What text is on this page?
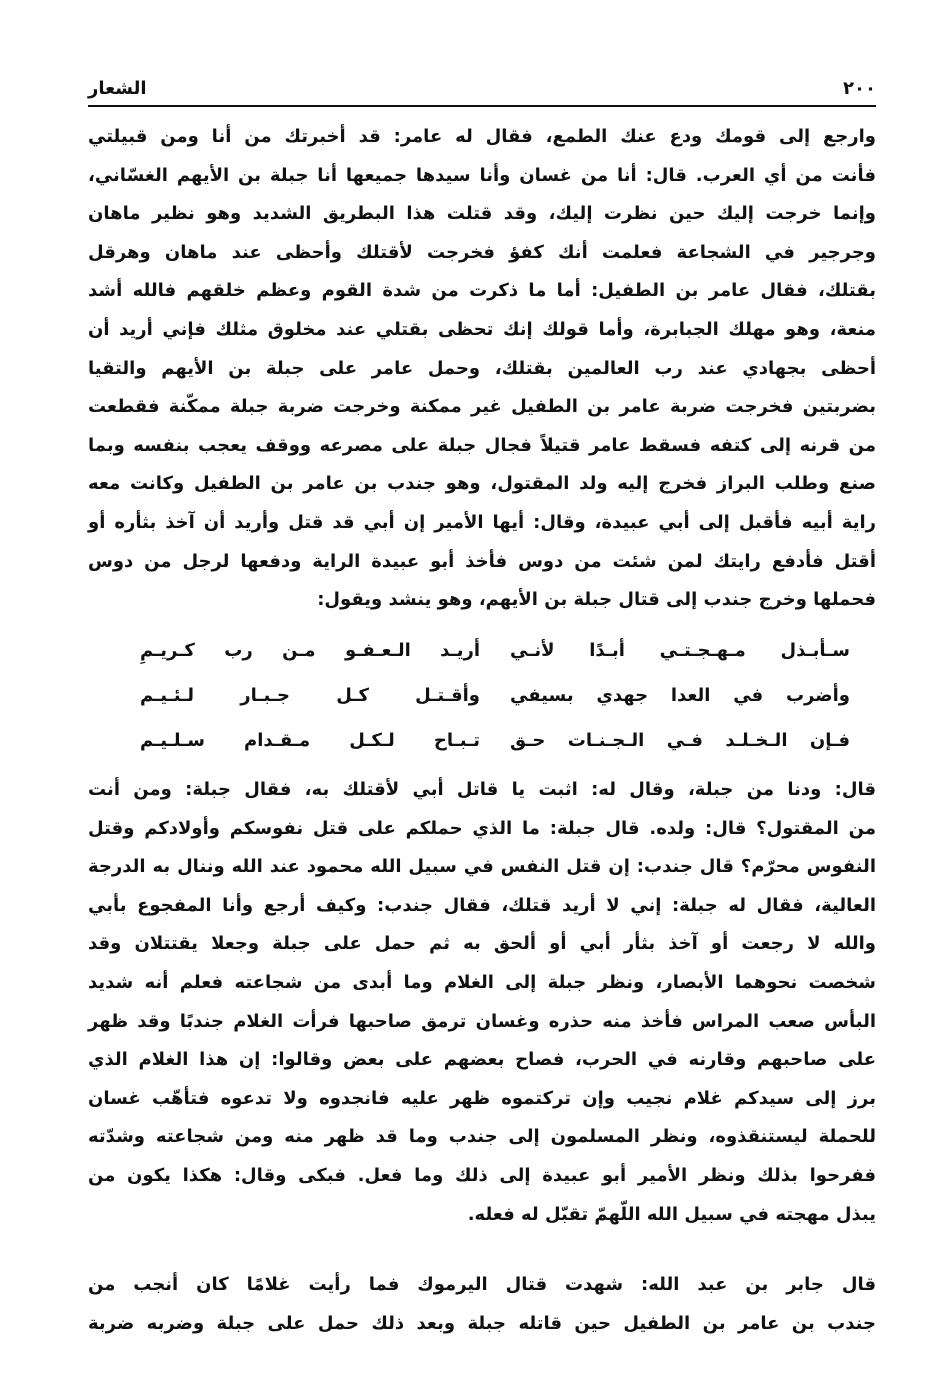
٢٠٠
الشعار
وارجع إلى قومك ودع عنك الطمع، فقال له عامر: قد أخبرتك من أنا ومن قبيلتي
فأنت من أي العرب. قال: أنا من غسان وأنا سيدها جميعها أنا جبلة بن الأيهم الغسّاني،
وإنما خرجت إليك حين نظرت إليك، وقد قتلت هذا البطريق الشديد وهو نظير ماهان
وجرجير في الشجاعة فعلمت أنك كفؤ فخرجت لأقتلك وأحظى عند ماهان وهرقل
بقتلك، فقال عامر بن الطفيل: أما ما ذكرت من شدة القوم وعظم خلقهم فالله أشد
منعة، وهو مهلك الجبابرة، وأما قولك إنك تحظى بقتلي عند مخلوق مثلك فإني أريد أن
أحظى بجهادي عند رب العالمين بقتلك، وحمل عامر على جبلة بن الأيهم والتقيا
بضربتين فخرجت ضربة عامر بن الطفيل غير ممكنة وخرجت ضربة جبلة ممكّنة فقطعت
من قرنه إلى كتفه فسقط عامر قتيلاً فجال جبلة على مصرعه ووقف يعجب بنفسه وبما
صنع وطلب البراز فخرج إليه ولد المقتول، وهو جندب بن عامر بن الطفيل وكانت معه
راية أبيه فأقبل إلى أبي عبيدة، وقال: أيها الأمير إن أبي قد قتل وأريد أن آخذ بثأره أو
أقتل فأدفع رايتك لمن شئت من دوس فأخذ أبو عبيدة الراية ودفعها لرجل من دوس
فحملها وخرج جندب إلى قتال جبلة بن الأيهم، وهو ينشد ويقول:
سـأبـذل مـهـجـتـي أبـدًا لأنـي
أريـد الـعـفـو مـن رب كـريـمِ
وأضرب في العدا جهدي بسيفي
وأقـتـل كـل جـبـار لـئـيـم
فـإن الـخـلـد فـي الـجـنـات حـق
تـبـاح لـكـل مـقـدام سـلـيـم
قال: ودنا من جبلة، وقال له: اثبت يا قاتل أبي لأقتلك به، فقال جبلة: ومن أنت
من المقتول؟ قال: ولده. قال جبلة: ما الذي حملكم على قتل نفوسكم وأولادكم وقتل
النفوس محرّم؟ قال جندب: إن قتل النفس في سبيل الله محمود عند الله وننال به الدرجة
العالية، فقال له جبلة: إني لا أريد قتلك، فقال جندب: وكيف أرجع وأنا المفجوع بأبي
والله لا رجعت أو آخذ بثأر أبي أو ألحق به ثم حمل على جبلة وجعلا يقتتلان وقد
شخصت نحوهما الأبصار، ونظر جبلة إلى الغلام وما أبدى من شجاعته فعلم أنه شديد
البأس صعب المراس فأخذ منه حذره وغسان ترمق صاحبها فرأت الغلام جندبًا وقد ظهر
على صاحبهم وقارنه في الحرب، فصاح بعضهم على بعض وقالوا: إن هذا الغلام الذي
برز إلى سيدكم غلام نجيب وإن تركتموه ظهر عليه فانجدوه ولا تدعوه فتأهّب غسان
للحملة ليستنقذوه، ونظر المسلمون إلى جندب وما قد ظهر منه ومن شجاعته وشدّته
ففرحوا بذلك ونظر الأمير أبو عبيدة إلى ذلك وما فعل. فبكى وقال: هكذا يكون من
يبذل مهجته في سبيل الله اللّهمّ تقبّل له فعله.
قال جابر بن عبد الله: شهدت قتال اليرموك فما رأيت غلامًا كان أنجب من
جندب بن عامر بن الطفيل حين قاتله جبلة وبعد ذلك حمل على جبلة وضربه ضربة
